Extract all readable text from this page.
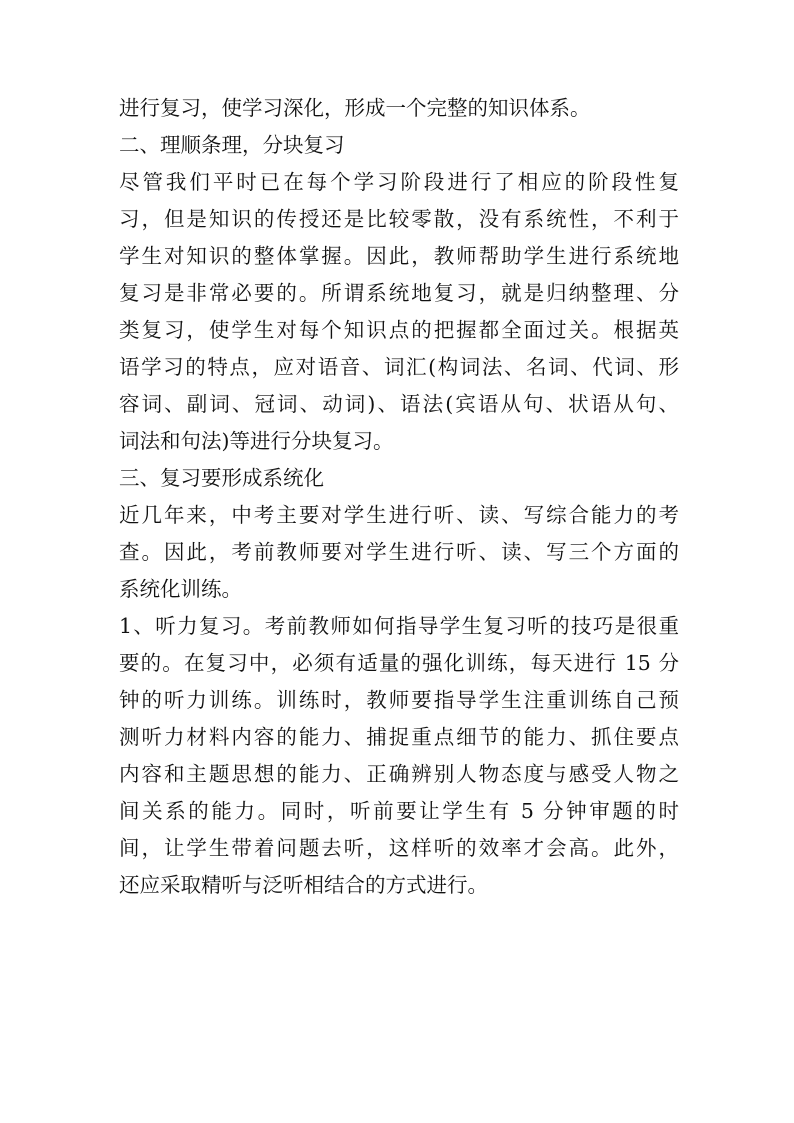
进行复习，使学习深化，形成一个完整的知识体系。
二、理顺条理，分块复习
尽管我们平时已在每个学习阶段进行了相应的阶段性复
习，但是知识的传授还是比较零散，没有系统性，不利于
学生对知识的整体掌握。因此，教师帮助学生进行系统地
复习是非常必要的。所谓系统地复习，就是归纳整理、分
类复习，使学生对每个知识点的把握都全面过关。根据英
语学习的特点，应对语音、词汇(构词法、名词、代词、形
容词、副词、冠词、动词)、语法(宾语从句、状语从句、
词法和句法)等进行分块复习。
三、复习要形成系统化
近几年来，中考主要对学生进行听、读、写综合能力的考
查。因此，考前教师要对学生进行听、读、写三个方面的
系统化训练。
1、听力复习。考前教师如何指导学生复习听的技巧是很重
要的。在复习中，必须有适量的强化训练，每天进行 15 分
钟的听力训练。训练时，教师要指导学生注重训练自己预
测听力材料内容的能力、捕捉重点细节的能力、抓住要点
内容和主题思想的能力、正确辨别人物态度与感受人物之
间关系的能力。同时，听前要让学生有 5 分钟审题的时
间，让学生带着问题去听，这样听的效率才会高。此外，
还应采取精听与泛听相结合的方式进行。
